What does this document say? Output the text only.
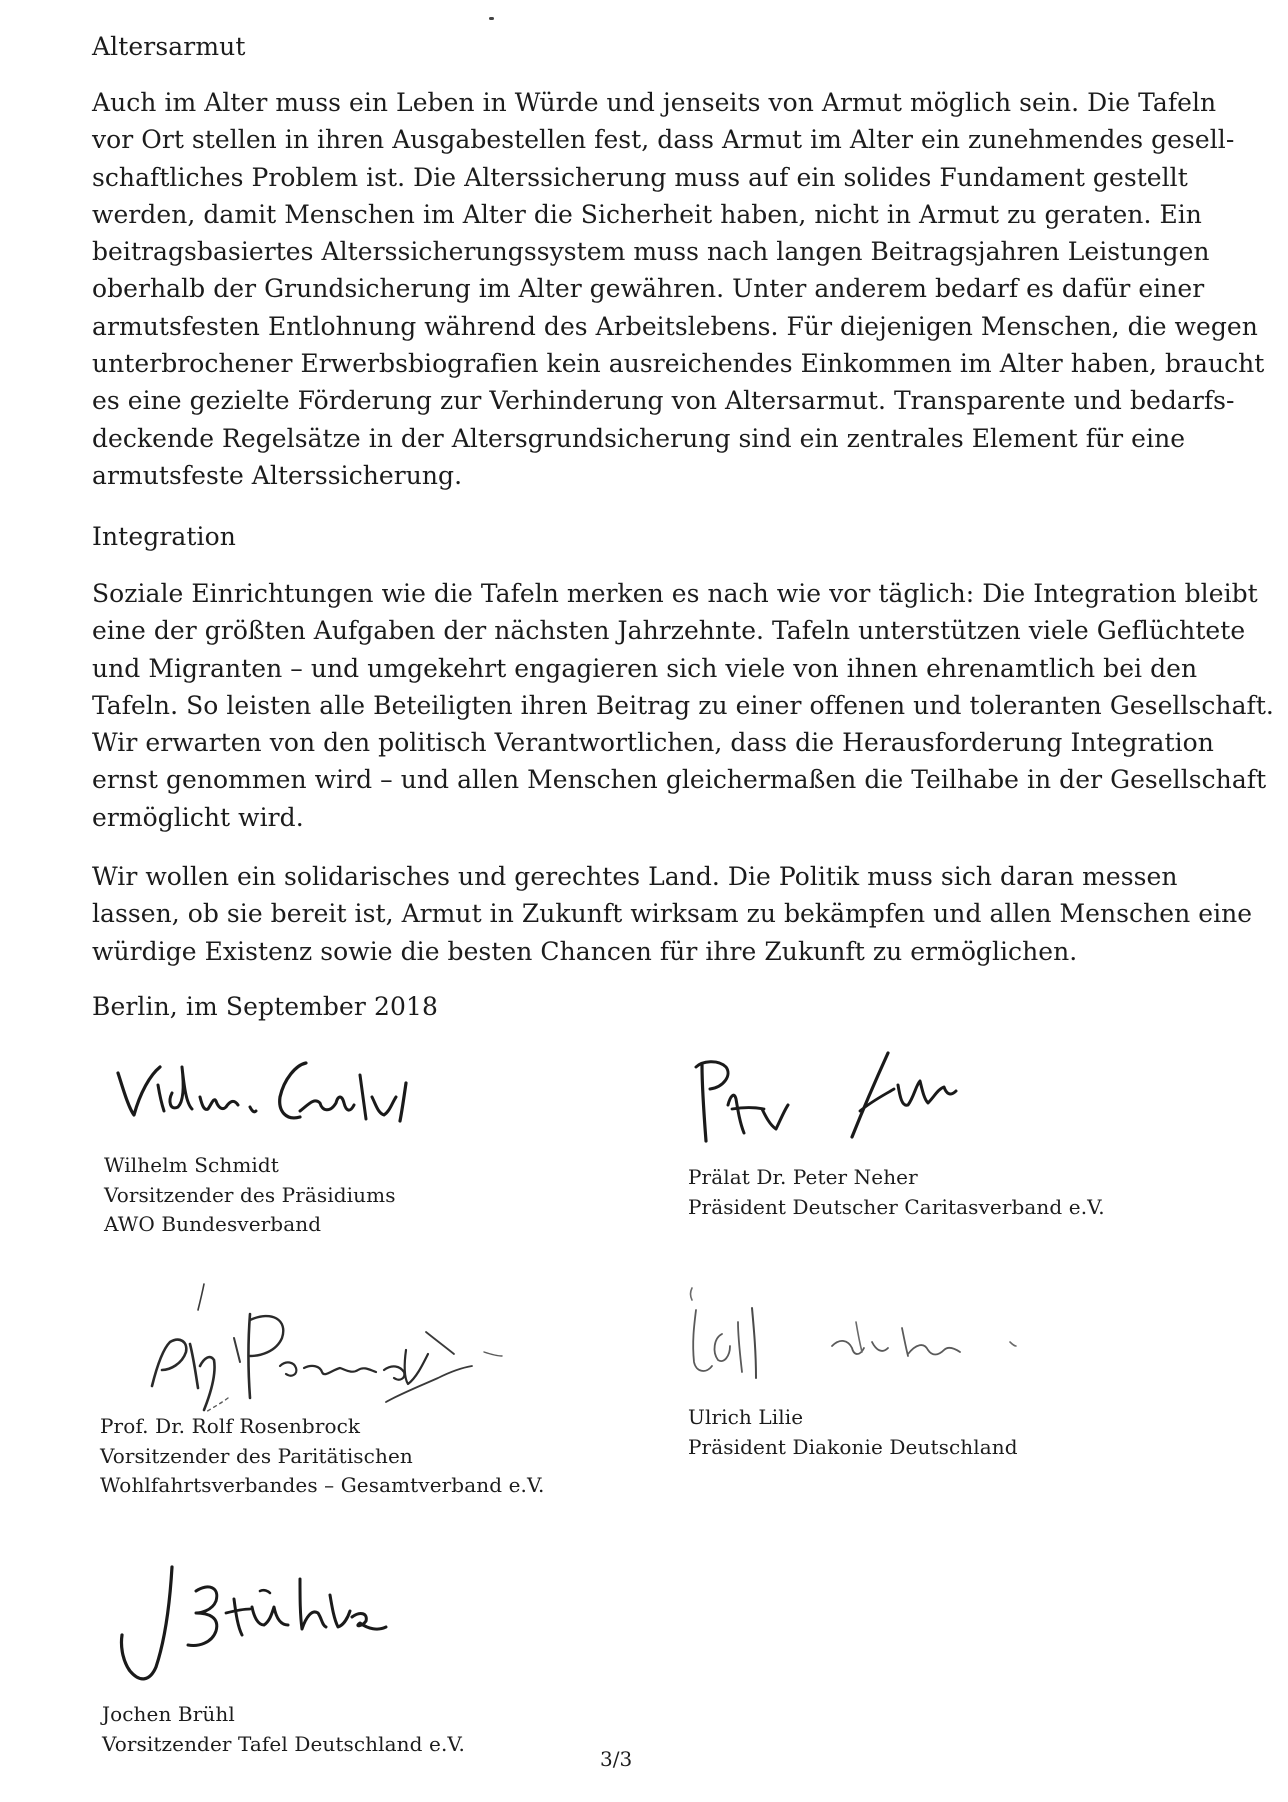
Altersarmut
Auch im Alter muss ein Leben in Würde und jenseits von Armut möglich sein. Die Tafeln
vor Ort stellen in ihren Ausgabestellen fest, dass Armut im Alter ein zunehmendes gesell-
schaftliches Problem ist. Die Alterssicherung muss auf ein solides Fundament gestellt
werden, damit Menschen im Alter die Sicherheit haben, nicht in Armut zu geraten. Ein
beitragsbasiertes Alterssicherungssystem muss nach langen Beitragsjahren Leistungen
oberhalb der Grundsicherung im Alter gewähren. Unter anderem bedarf es dafür einer
armutsfesten Entlohnung während des Arbeitslebens. Für diejenigen Menschen, die wegen
unterbrochener Erwerbsbiografien kein ausreichendes Einkommen im Alter haben, braucht
es eine gezielte Förderung zur Verhinderung von Altersarmut. Transparente und bedarfs-
deckende Regelsätze in der Altersgrundsicherung sind ein zentrales Element für eine
armutsfeste Alterssicherung.
Integration
Soziale Einrichtungen wie die Tafeln merken es nach wie vor täglich: Die Integration bleibt
eine der größten Aufgaben der nächsten Jahrzehnte. Tafeln unterstützen viele Geflüchtete
und Migranten – und umgekehrt engagieren sich viele von ihnen ehrenamtlich bei den
Tafeln. So leisten alle Beteiligten ihren Beitrag zu einer offenen und toleranten Gesellschaft.
Wir erwarten von den politisch Verantwortlichen, dass die Herausforderung Integration
ernst genommen wird – und allen Menschen gleichermaßen die Teilhabe in der Gesellschaft
ermöglicht wird.
Wir wollen ein solidarisches und gerechtes Land. Die Politik muss sich daran messen
lassen, ob sie bereit ist, Armut in Zukunft wirksam zu bekämpfen und allen Menschen eine
würdige Existenz sowie die besten Chancen für ihre Zukunft zu ermöglichen.
Berlin, im September 2018
Wilhelm Schmidt
Vorsitzender des Präsidiums
AWO Bundesverband
Prälat Dr. Peter Neher
Präsident Deutscher Caritasverband e.V.
Prof. Dr. Rolf Rosenbrock
Vorsitzender des Paritätischen
Wohlfahrtsverbandes – Gesamtverband e.V.
Ulrich Lilie
Präsident Diakonie Deutschland
Jochen Brühl
Vorsitzender Tafel Deutschland e.V.
3/3
